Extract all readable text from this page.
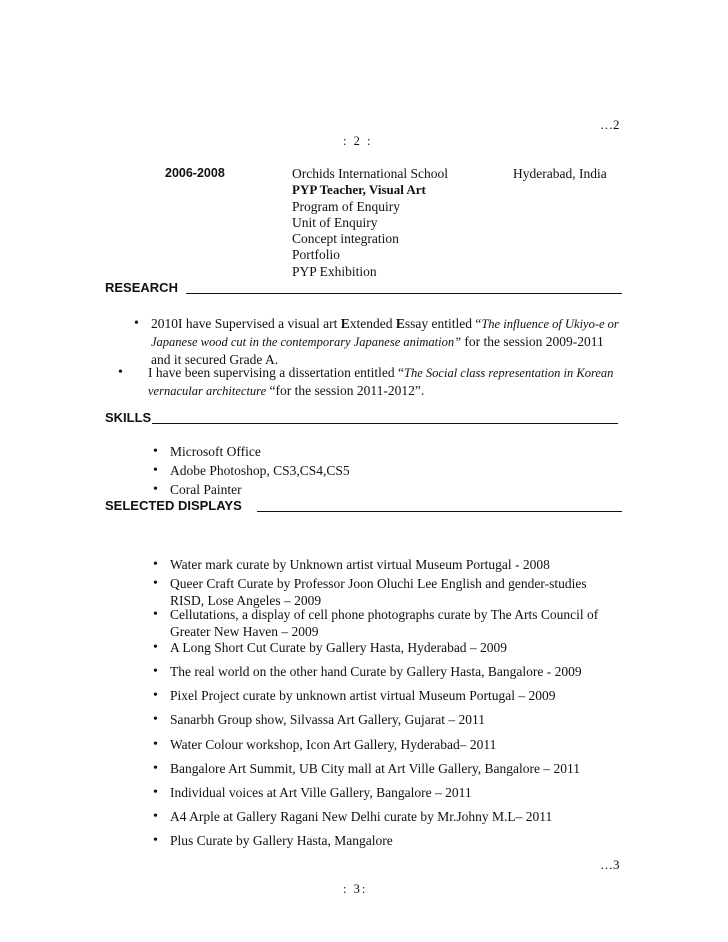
…2
: 2 :
2006-2008	Orchids International School
PYP Teacher, Visual Art
Program of Enquiry
Unit of Enquiry
Concept integration
Portfolio
PYP Exhibition
Hyderabad, India
RESEARCH
• 2010I have Supervised a visual art Extended Essay entitled “The influence of Ukiyo-e or Japanese wood cut in the contemporary Japanese animation” for the session 2009-2011 and it secured Grade A.
• I have been supervising a dissertation entitled “The Social class representation in Korean vernacular architecture “for the session 2011-2012”.
SKILLS
• Microsoft Office
• Adobe Photoshop, CS3,CS4,CS5
• Coral Painter
SELECTED DISPLAYS
• Water mark curate by Unknown artist virtual Museum Portugal - 2008
• Queer Craft Curate by Professor Joon Oluchi Lee English and gender-studies RISD, Lose Angeles – 2009
• Cellutations, a display of cell phone photographs curate by The Arts Council of Greater New Haven – 2009
• A Long Short Cut Curate by Gallery Hasta, Hyderabad – 2009
• The real world on the other hand Curate by Gallery Hasta, Bangalore - 2009
• Pixel Project curate by unknown artist virtual Museum Portugal – 2009
• Sanarbh Group show, Silvassa Art Gallery, Gujarat – 2011
• Water Colour workshop, Icon Art Gallery, Hyderabad– 2011
• Bangalore Art Summit, UB City mall at Art Ville Gallery, Bangalore – 2011
• Individual voices at Art Ville Gallery, Bangalore – 2011
• A4 Arple at Gallery Ragani New Delhi curate by Mr.Johny M.L– 2011
• Plus Curate by Gallery Hasta, Mangalore
…3
: 3:
